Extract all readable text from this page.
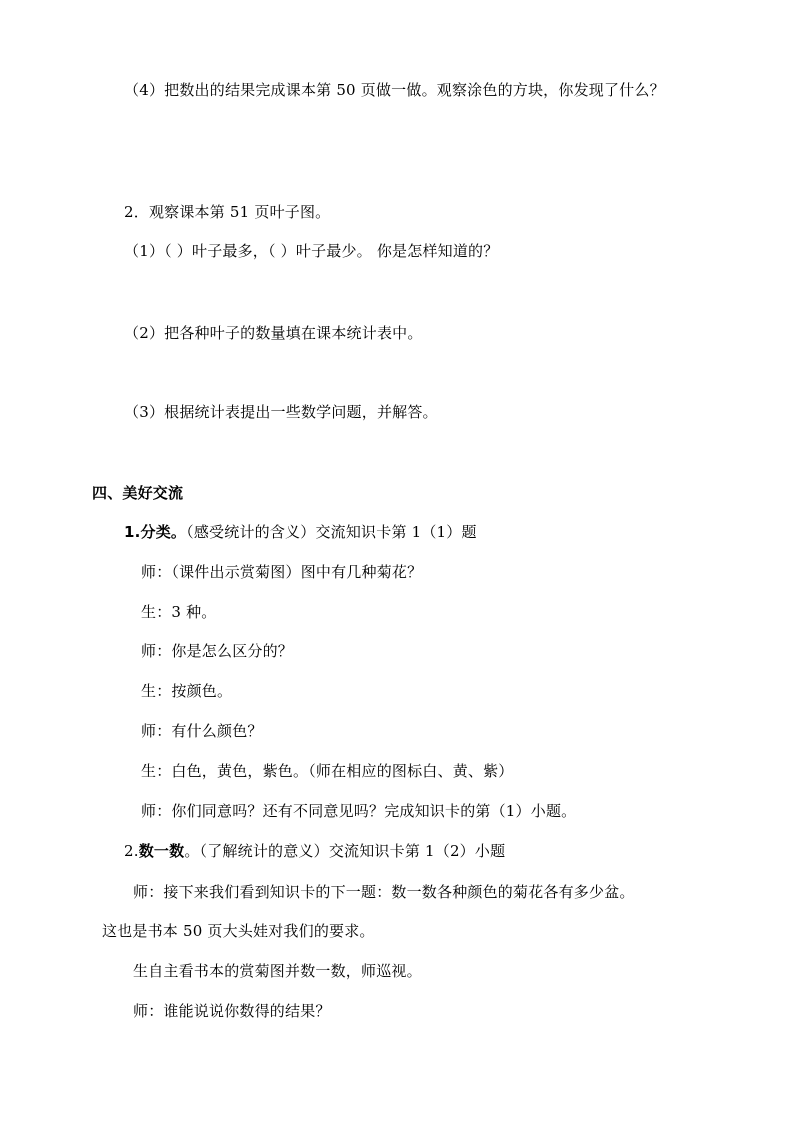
（4）把数出的结果完成课本第 50 页做一做。观察涂色的方块，你发现了什么？
2．观察课本第 51 页叶子图。
（1）（ ）叶子最多，（ ）叶子最少。 你是怎样知道的？
（2）把各种叶子的数量填在课本统计表中。
（3）根据统计表提出一些数学问题，并解答。
四、美好交流
1.分类。（感受统计的含义）交流知识卡第 1（1）题
师：（课件出示赏菊图）图中有几种菊花？
生：3 种。
师：你是怎么区分的？
生：按颜色。
师：有什么颜色？
生：白色，黄色，紫色。（师在相应的图标白、黄、紫）
师：你们同意吗？还有不同意见吗？完成知识卡的第（1）小题。
2.数一数。（了解统计的意义）交流知识卡第 1（2）小题
师：接下来我们看到知识卡的下一题：数一数各种颜色的菊花各有多少盆。
这也是书本 50 页大头娃对我们的要求。
生自主看书本的赏菊图并数一数，师巡视。
师：谁能说说你数得的结果？
